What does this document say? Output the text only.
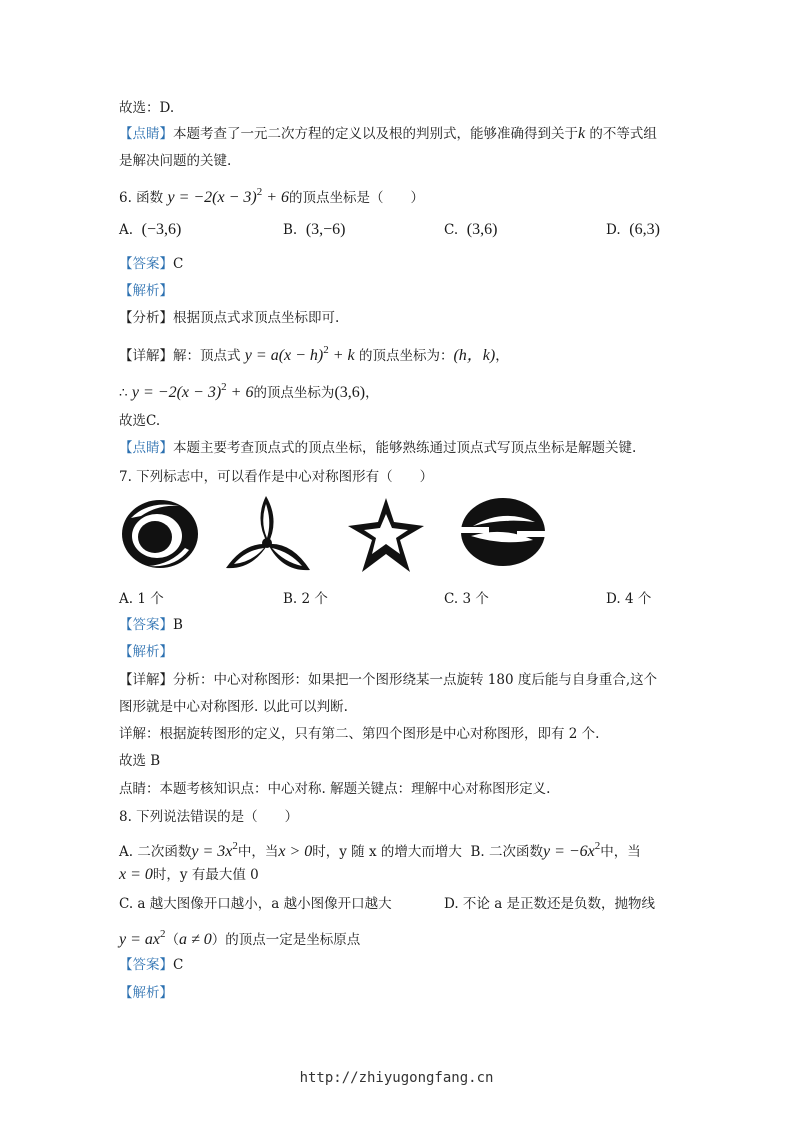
故选：D.
【点睛】本题考查了一元二次方程的定义以及根的判别式，能够准确得到关于k 的不等式组
是解决问题的关键.
6. 函数 $y = -2(x - 3)^2 + 6$的顶点坐标是（　　）
A. (−3,6)	B. (3,−6)	C. (3,6)	D. (6,3)
【答案】C
【解析】
【分析】根据顶点式求顶点坐标即可.
【详解】解：顶点式 $y = a(x - h)^2 + k$ 的顶点坐标为：(h，k)，
∴ $y = -2(x - 3)^2 + 6$的顶点坐标为(3,6)，
故选C.
【点睛】本题主要考查顶点式的顶点坐标，能够熟练通过顶点式写顶点坐标是解题关键.
7. 下列标志中，可以看作是中心对称图形有（　　）
A. 1 个	B. 2 个	C. 3 个	D. 4 个
【答案】B
【解析】
【详解】分析：中心对称图形：如果把一个图形绕某一点旋转 180 度后能与自身重合,这个
图形就是中心对称图形. 以此可以判断.
详解：根据旋转图形的定义，只有第二、第四个图形是中心对称图形，即有 2 个.
故选 B
点睛：本题考核知识点：中心对称. 解题关键点：理解中心对称图形定义.
8. 下列说法错误的是（　　）
A. 二次函数$y = 3x^2$中，当x > 0时，y 随 x 的增大而增大 B. 二次函数$y = -6x^2$中，当
x = 0时，y 有最大值 0
C. a 越大图像开口越小，a 越小图像开口越大	D. 不论 a 是正数还是负数，抛物线
$y = ax^2(a \ne 0)$的顶点一定是坐标原点
【答案】C
【解析】
http://zhiyugongfang.cn
